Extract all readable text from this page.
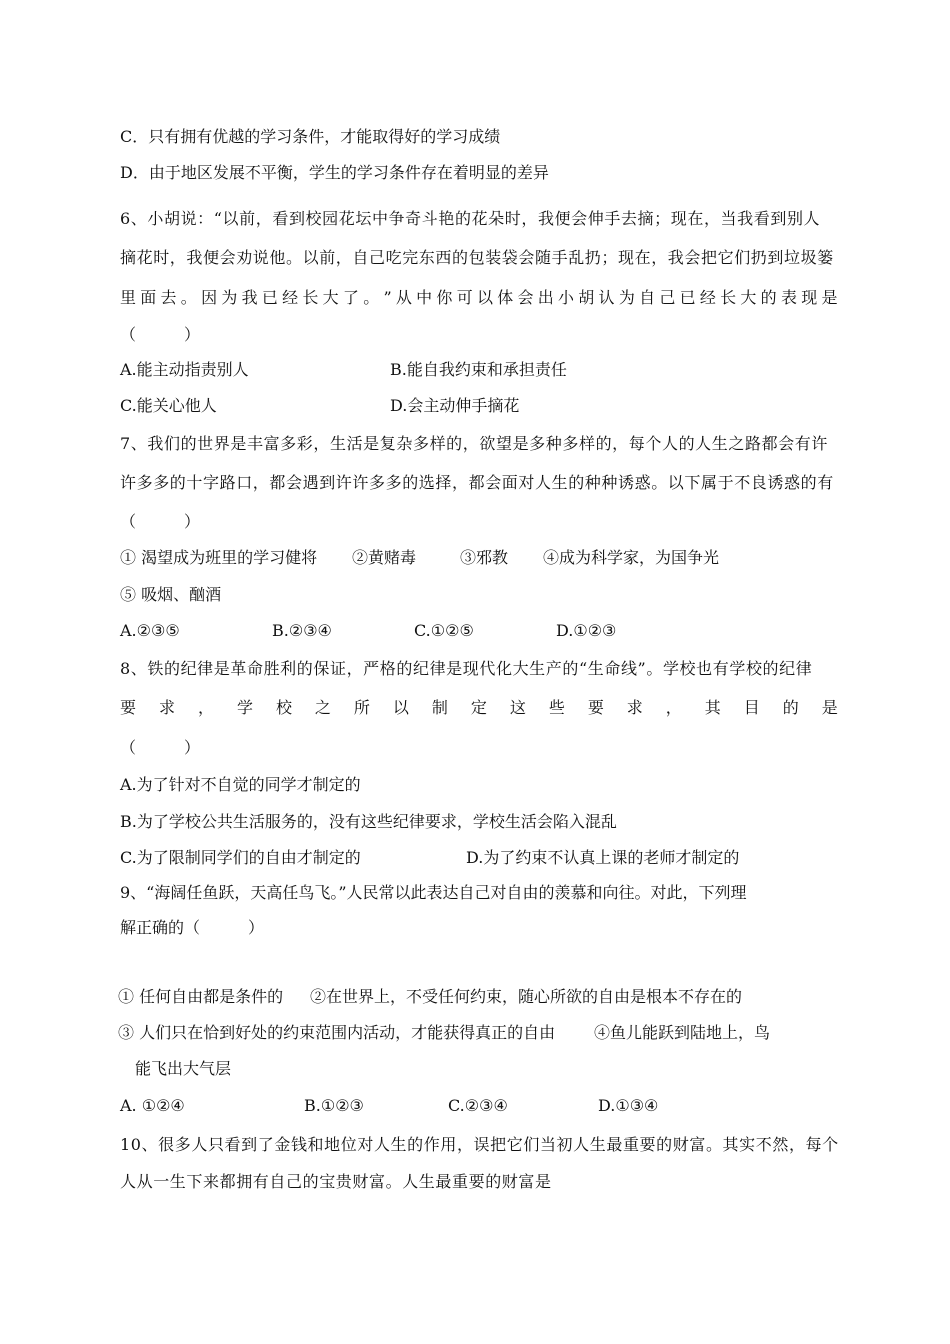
C．只有拥有优越的学习条件，才能取得好的学习成绩
D．由于地区发展不平衡，学生的学习条件存在着明显的差异
6、小胡说：“以前，看到校园花坛中争奇斗艳的花朵时，我便会伸手去摘；现在，当我看到别人
摘花时，我便会劝说他。以前，自己吃完东西的包装袋会随手乱扔；现在，我会把它们扔到垃圾篓
里 面 去 。 因 为 我 已 经 长 大 了 。 ” 从 中 你 可 以 体 会 出 小 胡 认 为 自 己 已 经 长 大 的 表 现 是
（　　　）
A.能主动指责别人	B.能自我约束和承担责任
C.能关心他人	D.会主动伸手摘花
7、我们的世界是丰富多彩，生活是复杂多样的，欲望是多种多样的，每个人的人生之路都会有许
许多多的十字路口，都会遇到许许多多的选择，都会面对人生的种种诱惑。以下属于不良诱惑的有
（　　　）
① 渴望成为班里的学习健将 ②黄赌毒	③邪教 ④成为科学家，为国争光
⑤ 吸烟、酗酒
A.②③⑤	B.②③④	C.①②⑤	D.①②③
8、铁的纪律是革命胜利的保证，严格的纪律是现代化大生产的“生命线”。学校也有学校的纪律
要 求 ， 学 校 之 所 以 制 定 这 些 要 求 ， 其 目 的 是
（　　　）
A.为了针对不自觉的同学才制定的
B.为了学校公共生活服务的，没有这些纪律要求，学校生活会陷入混乱
C.为了限制同学们的自由才制定的	D.为了约束不认真上课的老师才制定的
9、“海阔任鱼跃，天高任鸟飞。”人民常以此表达自己对自由的羡慕和向往。对此，下列理
解正确的（　　　）
① 任何自由都是条件的 ②在世界上，不受任何约束，随心所欲的自由是根本不存在的
③ 人们只在恰到好处的约束范围内活动，才能获得真正的自由 ④鱼儿能跃到陆地上，鸟
能飞出大气层
A. ①②④	B.①②③	C.②③④	D.①③④
10、很多人只看到了金钱和地位对人生的作用，误把它们当初人生最重要的财富。其实不然，每个
人从一生下来都拥有自己的宝贵财富。人生最重要的财富是
